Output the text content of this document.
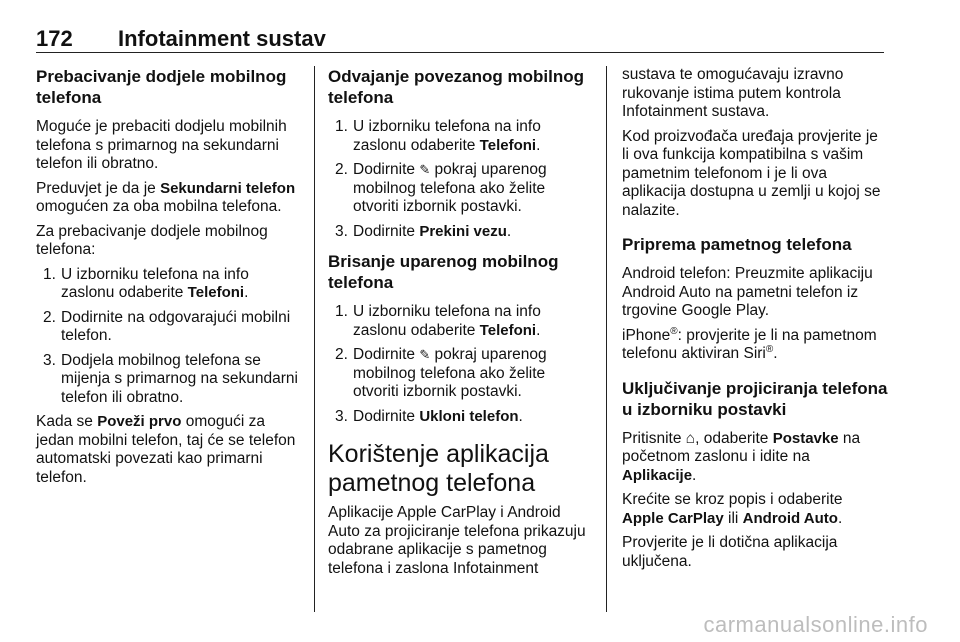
172 Infotainment sustav
Prebacivanje dodjele mobilnog telefona

Moguće je prebaciti dodjelu mobilnih telefona s primarnog na sekundarni telefon ili obratno.

Preduvjet je da je Sekundarni telefon omogućen za oba mobilna telefona.

Za prebacivanje dodjele mobilnog telefona:

1. U izborniku telefona na info zaslonu odaberite Telefoni.
2. Dodirnite na odgovarajući mobilni telefon.
3. Dodjela mobilnog telefona se mijenja s primarnog na sekundarni telefon ili obratno.

Kada se Poveži prvo omogući za jedan mobilni telefon, taj će se telefon automatski povezati kao primarni telefon.

Odvajanje povezanog mobilnog telefona
1. U izborniku telefona na info zaslonu odaberite Telefoni.
2. Dodirnite ✎ pokraj uparenog mobilnog telefona ako želite otvoriti izbornik postavki.
3. Dodirnite Prekini vezu.
Brisanje uparenog mobilnog telefona
1. U izborniku telefona na info zaslonu odaberite Telefoni.
2. Dodirnite ✎ pokraj uparenog mobilnog telefona ako želite otvoriti izbornik postavki.
3. Dodirnite Ukloni telefon.
Korištenje aplikacija pametnog telefona

Aplikacije Apple CarPlay i Android Auto za projiciranje telefona prikazuju odabrane aplikacije s pametnog telefona i zaslona Infotainment

sustava te omogućavaju izravno rukovanje istima putem kontrola Infotainment sustava.

Kod proizvođača uređaja provjerite je li ova funkcija kompatibilna s vašim pametnim telefonom i je li ova aplikacija dostupna u zemlji u kojoj se nalazite.

Priprema pametnog telefona

Android telefon: Preuzmite aplikaciju Android Auto na pametni telefon iz trgovine Google Play.

iPhone®: provjerite je li na pametnom telefonu aktiviran Siri®.

Uključivanje projiciranja telefona u izborniku postavki

Pritisnite ⌂, odaberite Postavke na početnom zaslonu i idite na Aplikacije.

Krećite se kroz popis i odaberite Apple CarPlay ili Android Auto.

Provjerite je li dotična aplikacija uključena.

carmanualsonline.info
